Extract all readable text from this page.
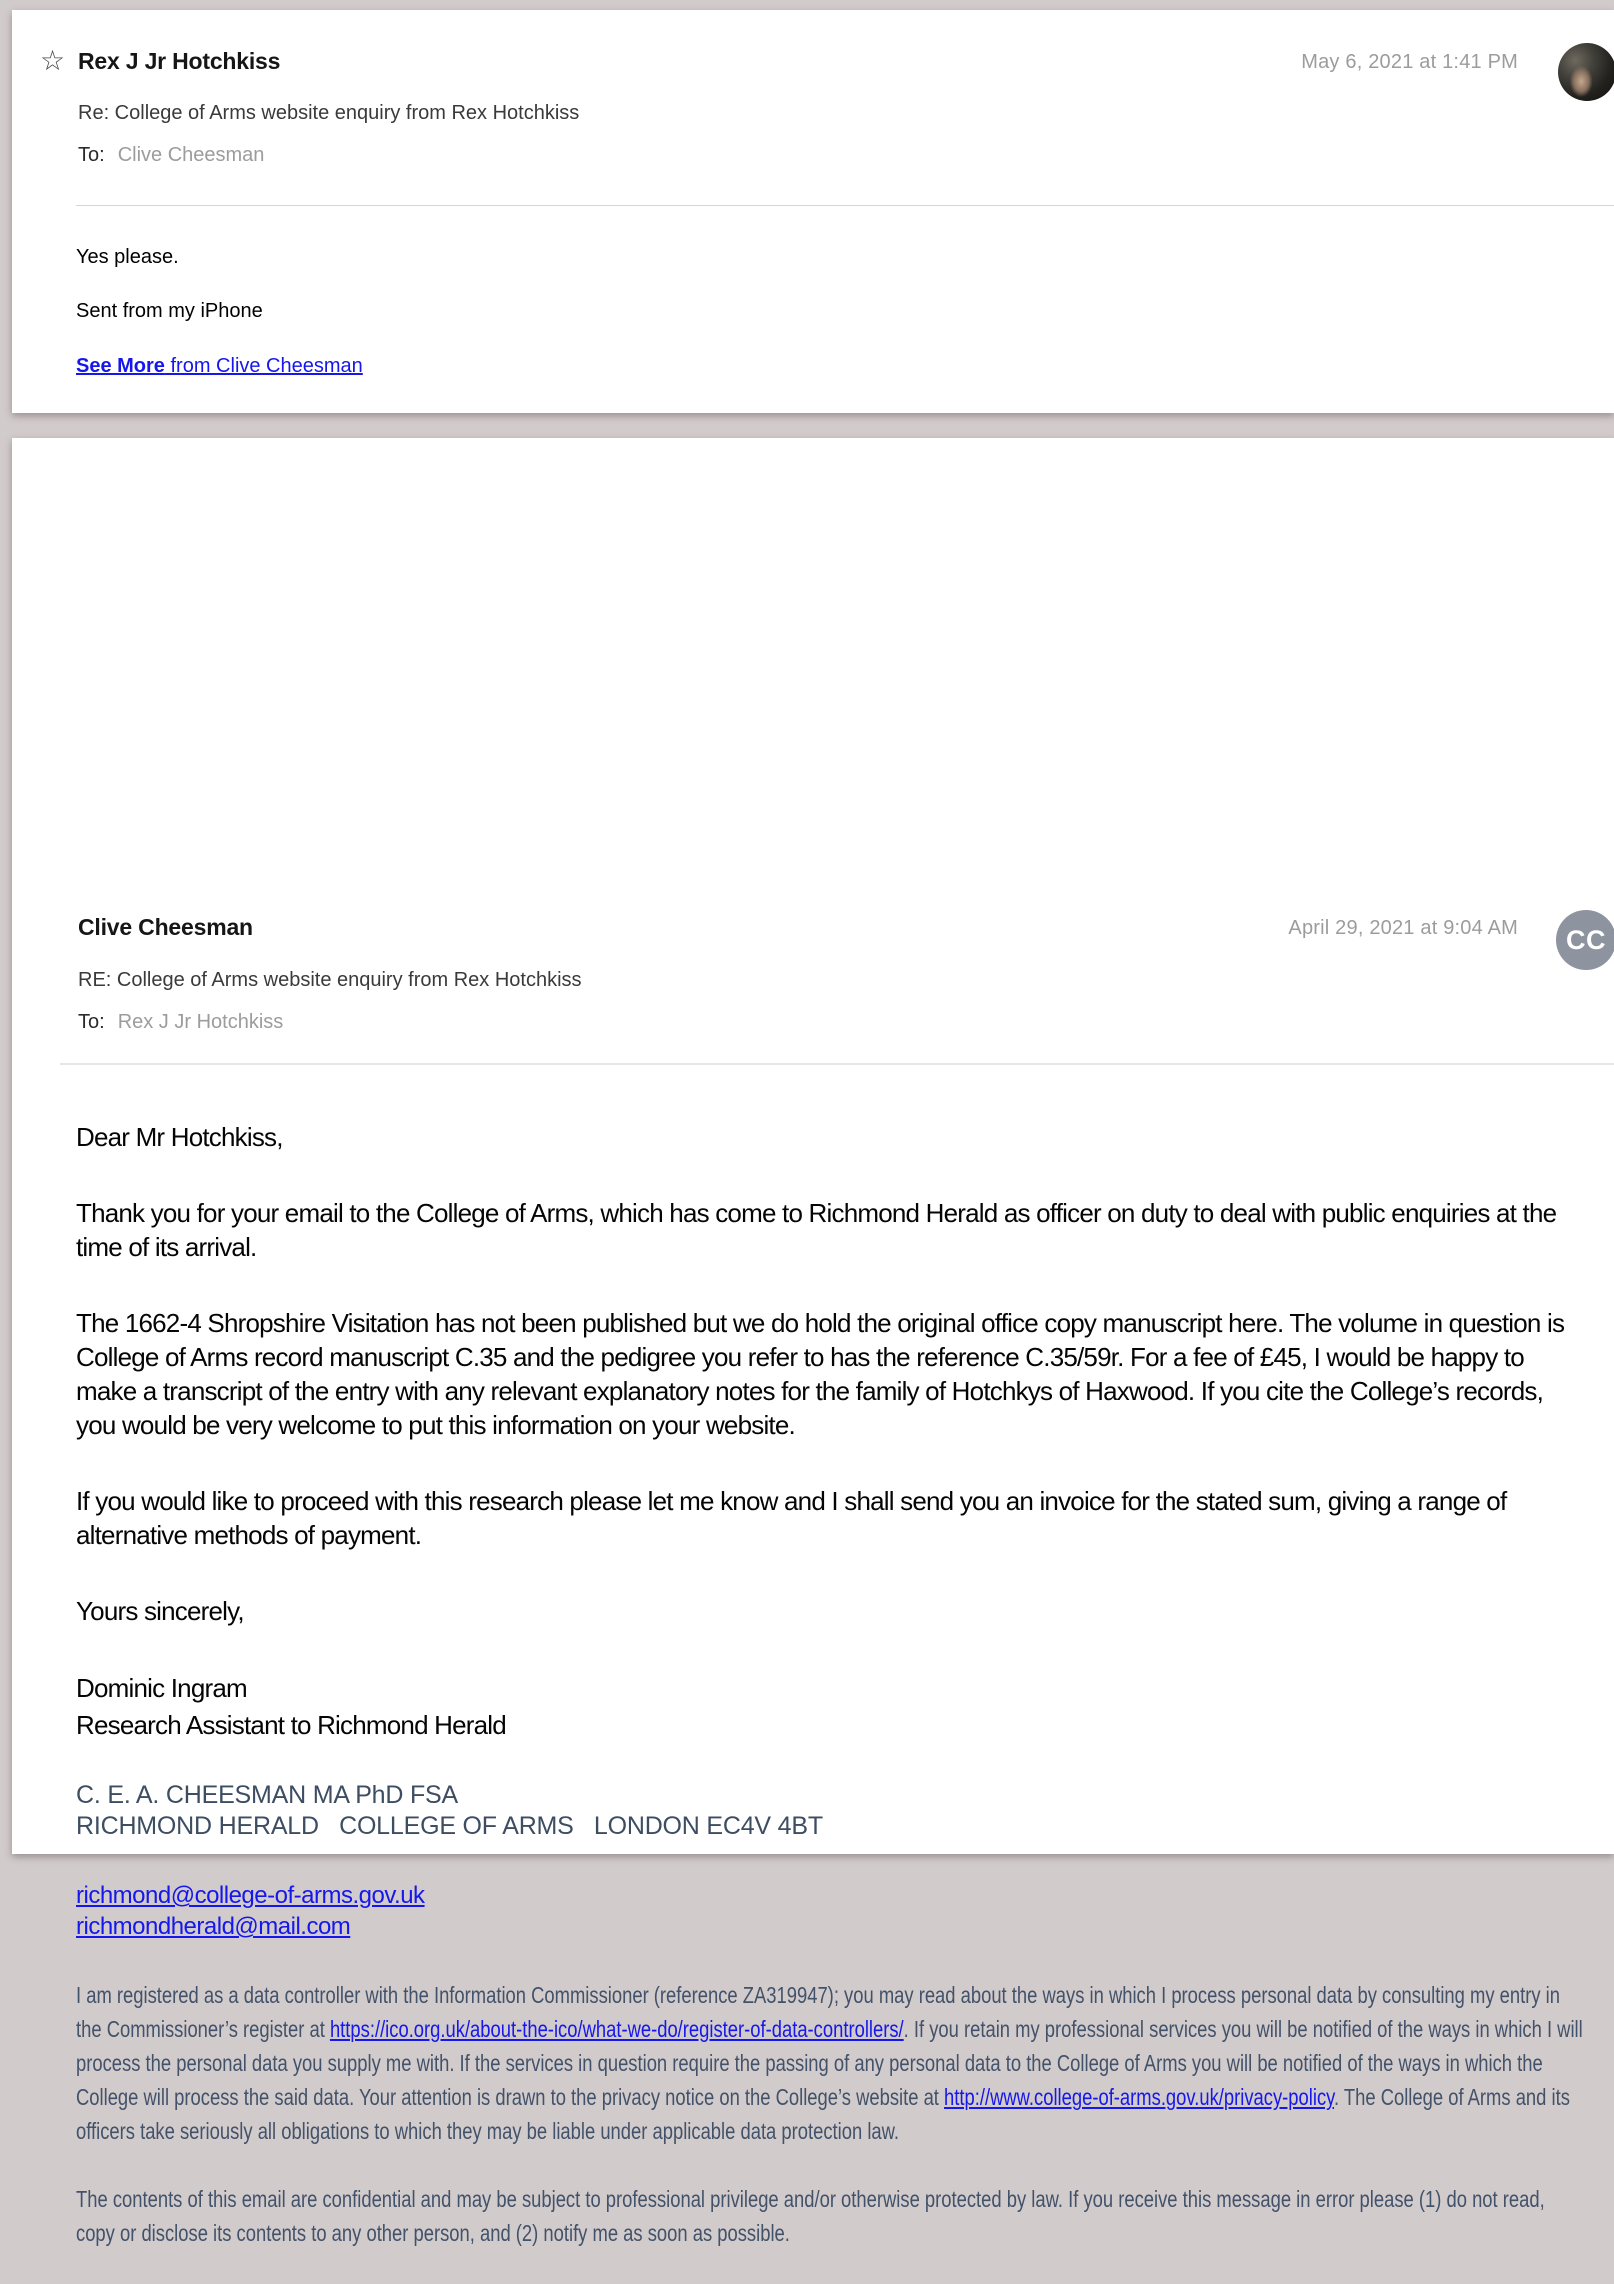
☆ Rex J Jr Hotchkiss	May 6, 2021 at 1:41 PM
Re: College of Arms website enquiry from Rex Hotchkiss
To: Clive Cheesman
Yes please.
Sent from my iPhone
See More from Clive Cheesman
Clive Cheesman	April 29, 2021 at 9:04 AM CC
RE: College of Arms website enquiry from Rex Hotchkiss
To: Rex J Jr Hotchkiss

Dear Mr Hotchkiss,

Thank you for your email to the College of Arms, which has come to Richmond Herald as officer on duty to deal with public enquiries at the time of its arrival.

The 1662-4 Shropshire Visitation has not been published but we do hold the original office copy manuscript here. The volume in question is College of Arms record manuscript C.35 and the pedigree you refer to has the reference C.35/59r. For a fee of £45, I would be happy to make a transcript of the entry with any relevant explanatory notes for the family of Hotchkys of Haxwood. If you cite the College’s records, you would be very welcome to put this information on your website.

If you would like to proceed with this research please let me know and I shall send you an invoice for the stated sum, giving a range of alternative methods of payment.

Yours sincerely,

Dominic Ingram
Research Assistant to Richmond Herald

C. E. A. CHEESMAN MA PhD FSA
RICHMOND HERALD   COLLEGE OF ARMS   LONDON EC4V 4BT
richmond@college-of-arms.gov.uk
richmondherald@mail.com
I am registered as a data controller with the Information Commissioner (reference ZA319947); you may read about the ways in which I process personal data by consulting my entry in the Commissioner’s register at https://ico.org.uk/about-the-ico/what-we-do/register-of-data-controllers/. If you retain my professional services you will be notified of the ways in which I will process the personal data you supply me with. If the services in question require the passing of any personal data to the College of Arms you will be notified of the ways in which the College will process the said data. Your attention is drawn to the privacy notice on the College’s website at http://www.college-of-arms.gov.uk/privacy-policy. The College of Arms and its officers take seriously all obligations to which they may be liable under applicable data protection law.
The contents of this email are confidential and may be subject to professional privilege and/or otherwise protected by law. If you receive this message in error please (1) do not read, copy or disclose its contents to any other person, and (2) notify me as soon as possible.
